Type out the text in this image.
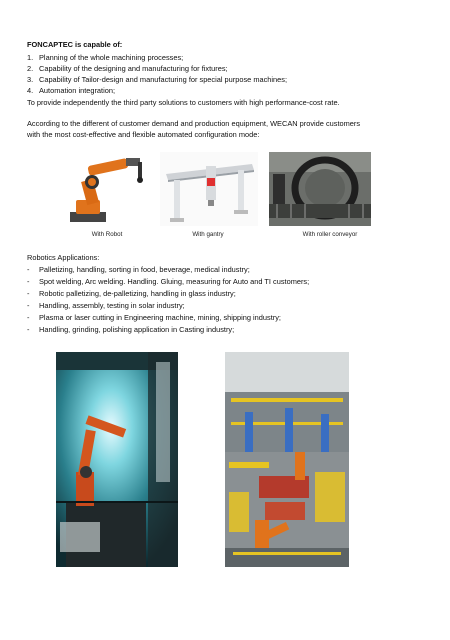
FONCAPTEC is capable of:
1. Planning of the whole machining processes;
2. Capability of the designing and manufacturing for fixtures;
3. Capability of Tailor-design and manufacturing for special purpose machines;
4. Automation integration;
To provide independently the third party solutions to customers with high performance-cost rate.
According to the different of customer demand and production equipment, WECAN provide customers
with the most cost-effective and flexible automated configuration mode:
With Robot	With gantry	With roller conveyor
Robotics Applications:
- Palletizing, handling, sorting in food, beverage, medical industry;
- Spot welding, Arc welding. Handling. Gluing, measuring for Auto and TI customers;
- Robotic palletizing, de-palletizing, handling in glass industry;
- Handling, assembly, testing in solar industry;
- Plasma or laser cutting in Engineering machine, mining, shipping industry;
- Handling, grinding, polishing application in Casting industry;
